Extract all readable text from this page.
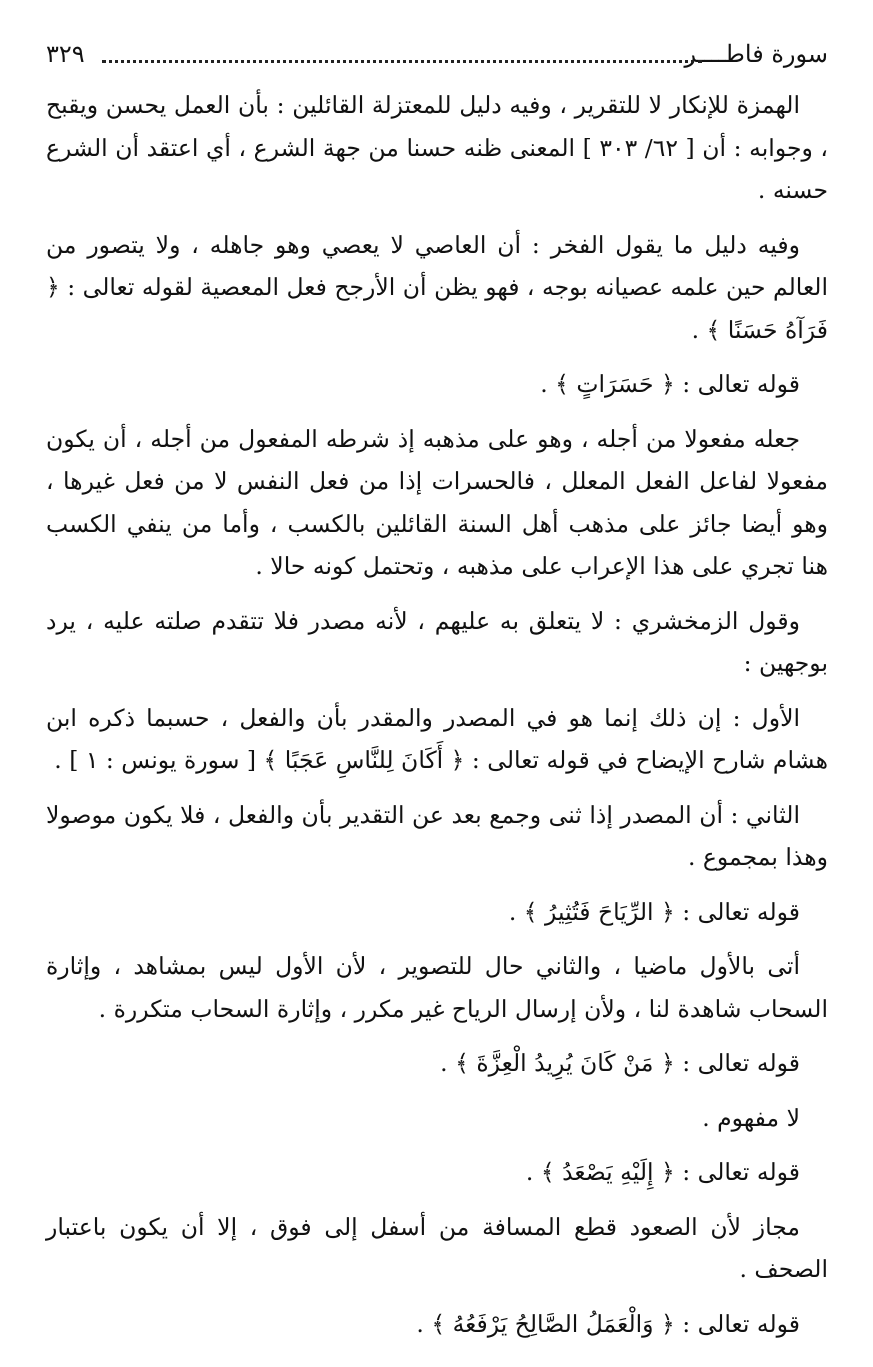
سورة فاطــــر
٣٢٩

الهمزة للإنكار لا للتقرير ، وفيه دليل للمعتزلة القائلين : بأن العمل يحسن ويقبح ، وجوابه : أن [ ٦٢/ ٣٠٣ ] المعنى ظنه حسنا من جهة الشرع ، أي اعتقد أن الشرع حسنه .

وفيه دليل ما يقول الفخر : أن العاصي لا يعصي وهو جاهله ، ولا يتصور من العالم حين علمه عصيانه بوجه ، فهو يظن أن الأرجح فعل المعصية لقوله تعالى : ﴿ فَرَآهُ حَسَنًا ﴾ .

قوله تعالى : ﴿ حَسَرَاتٍ ﴾ .

جعله مفعولا من أجله ، وهو على مذهبه إذ شرطه المفعول من أجله ، أن يكون مفعولا لفاعل الفعل المعلل ، فالحسرات إذا من فعل النفس لا من فعل غيرها ، وهو أيضا جائز على مذهب أهل السنة القائلين بالكسب ، وأما من ينفي الكسب هنا تجري على هذا الإعراب على مذهبه ، وتحتمل كونه حالا .

وقول الزمخشري : لا يتعلق به عليهم ، لأنه مصدر فلا تتقدم صلته عليه ، يرد بوجهين :

الأول : إن ذلك إنما هو في المصدر والمقدر بأن والفعل ، حسبما ذكره ابن هشام شارح الإيضاح في قوله تعالى : ﴿ أَكَانَ لِلنَّاسِ عَجَبًا ﴾ [ سورة يونس : ١ ] .

الثاني : أن المصدر إذا ثنى وجمع بعد عن التقدير بأن والفعل ، فلا يكون موصولا وهذا بمجموع .

قوله تعالى : ﴿ الرِّيَاحَ فَتُثِيرُ ﴾ .

أتى بالأول ماضيا ، والثاني حال للتصوير ، لأن الأول ليس بمشاهد ، وإثارة السحاب شاهدة لنا ، ولأن إرسال الرياح غير مكرر ، وإثارة السحاب متكررة .

قوله تعالى : ﴿ مَنْ كَانَ يُرِيدُ الْعِزَّةَ ﴾ .

لا مفهوم .

قوله تعالى : ﴿ إِلَيْهِ يَصْعَدُ ﴾ .

مجاز لأن الصعود قطع المسافة من أسفل إلى فوق ، إلا أن يكون باعتبار الصحف .

قوله تعالى : ﴿ وَالْعَمَلُ الصَّالِحُ يَرْفَعُهُ ﴾ .
